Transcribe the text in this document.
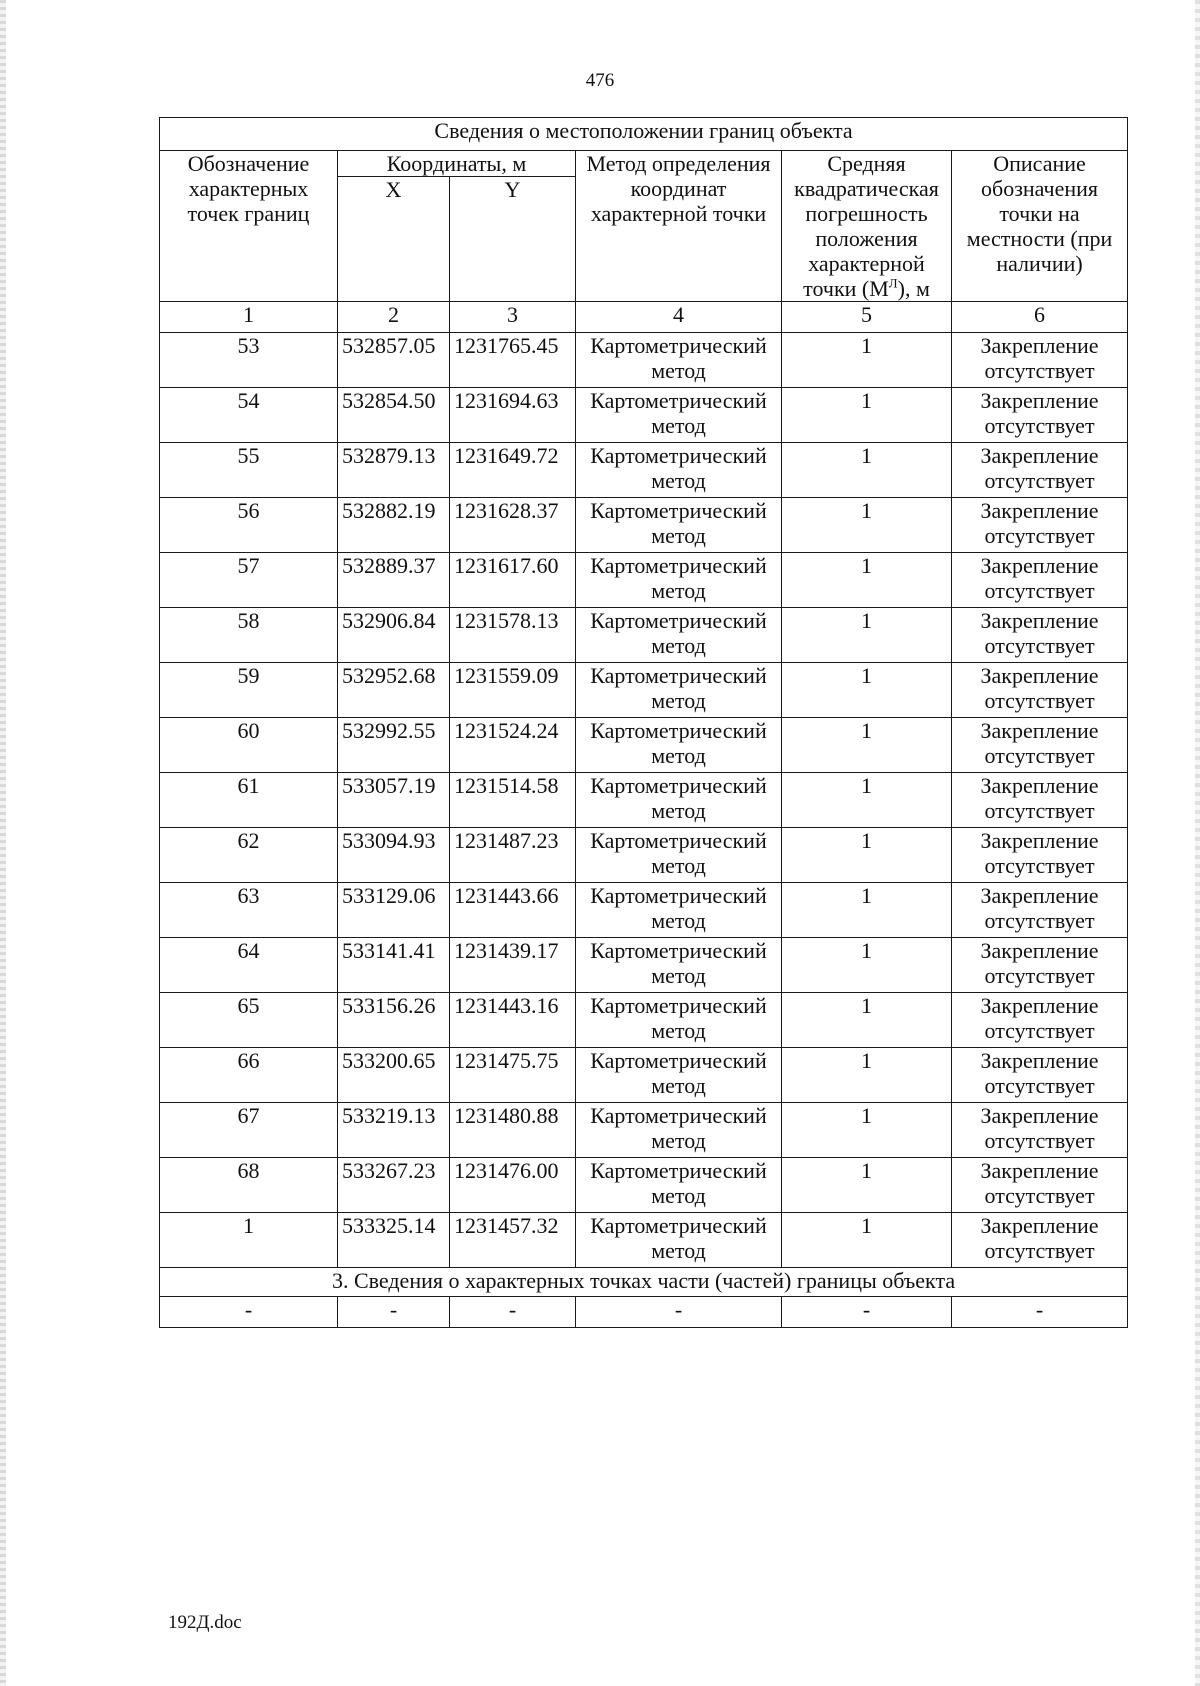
476
Сведения о местоположении границ объекта					
Обозначение характерных точек границ	Координаты, м		Метод определения координат характерной точки	Средняя квадратическая погрешность положения характерной точки $(М^Л)$, м	Описание обозначения точки на местности (при наличии)
	X	Y			
1	2	3	4	5	6
53	532857.05	1231765.45	Картометрический метод	1	Закрепление отсутствует
54	532854.50	1231694.63	Картометрический метод	1	Закрепление отсутствует
55	532879.13	1231649.72	Картометрический метод	1	Закрепление отсутствует
56	532882.19	1231628.37	Картометрический метод	1	Закрепление отсутствует
57	532889.37	1231617.60	Картометрический метод	1	Закрепление отсутствует
58	532906.84	1231578.13	Картометрический метод	1	Закрепление отсутствует
59	532952.68	1231559.09	Картометрический метод	1	Закрепление отсутствует
60	532992.55	1231524.24	Картометрический метод	1	Закрепление отсутствует
61	533057.19	1231514.58	Картометрический метод	1	Закрепление отсутствует
62	533094.93	1231487.23	Картометрический метод	1	Закрепление отсутствует
63	533129.06	1231443.66	Картометрический метод	1	Закрепление отсутствует
64	533141.41	1231439.17	Картометрический метод	1	Закрепление отсутствует
65	533156.26	1231443.16	Картометрический метод	1	Закрепление отсутствует
66	533200.65	1231475.75	Картометрический метод	1	Закрепление отсутствует
67	533219.13	1231480.88	Картометрический метод	1	Закрепление отсутствует
68	533267.23	1231476.00	Картометрический метод	1	Закрепление отсутствует
1	533325.14	1231457.32	Картометрический метод	1	Закрепление отсутствует
3. Сведения о характерных точках части (частей) границы объекта					
-	-	-	-	-	-
192Д.doc
